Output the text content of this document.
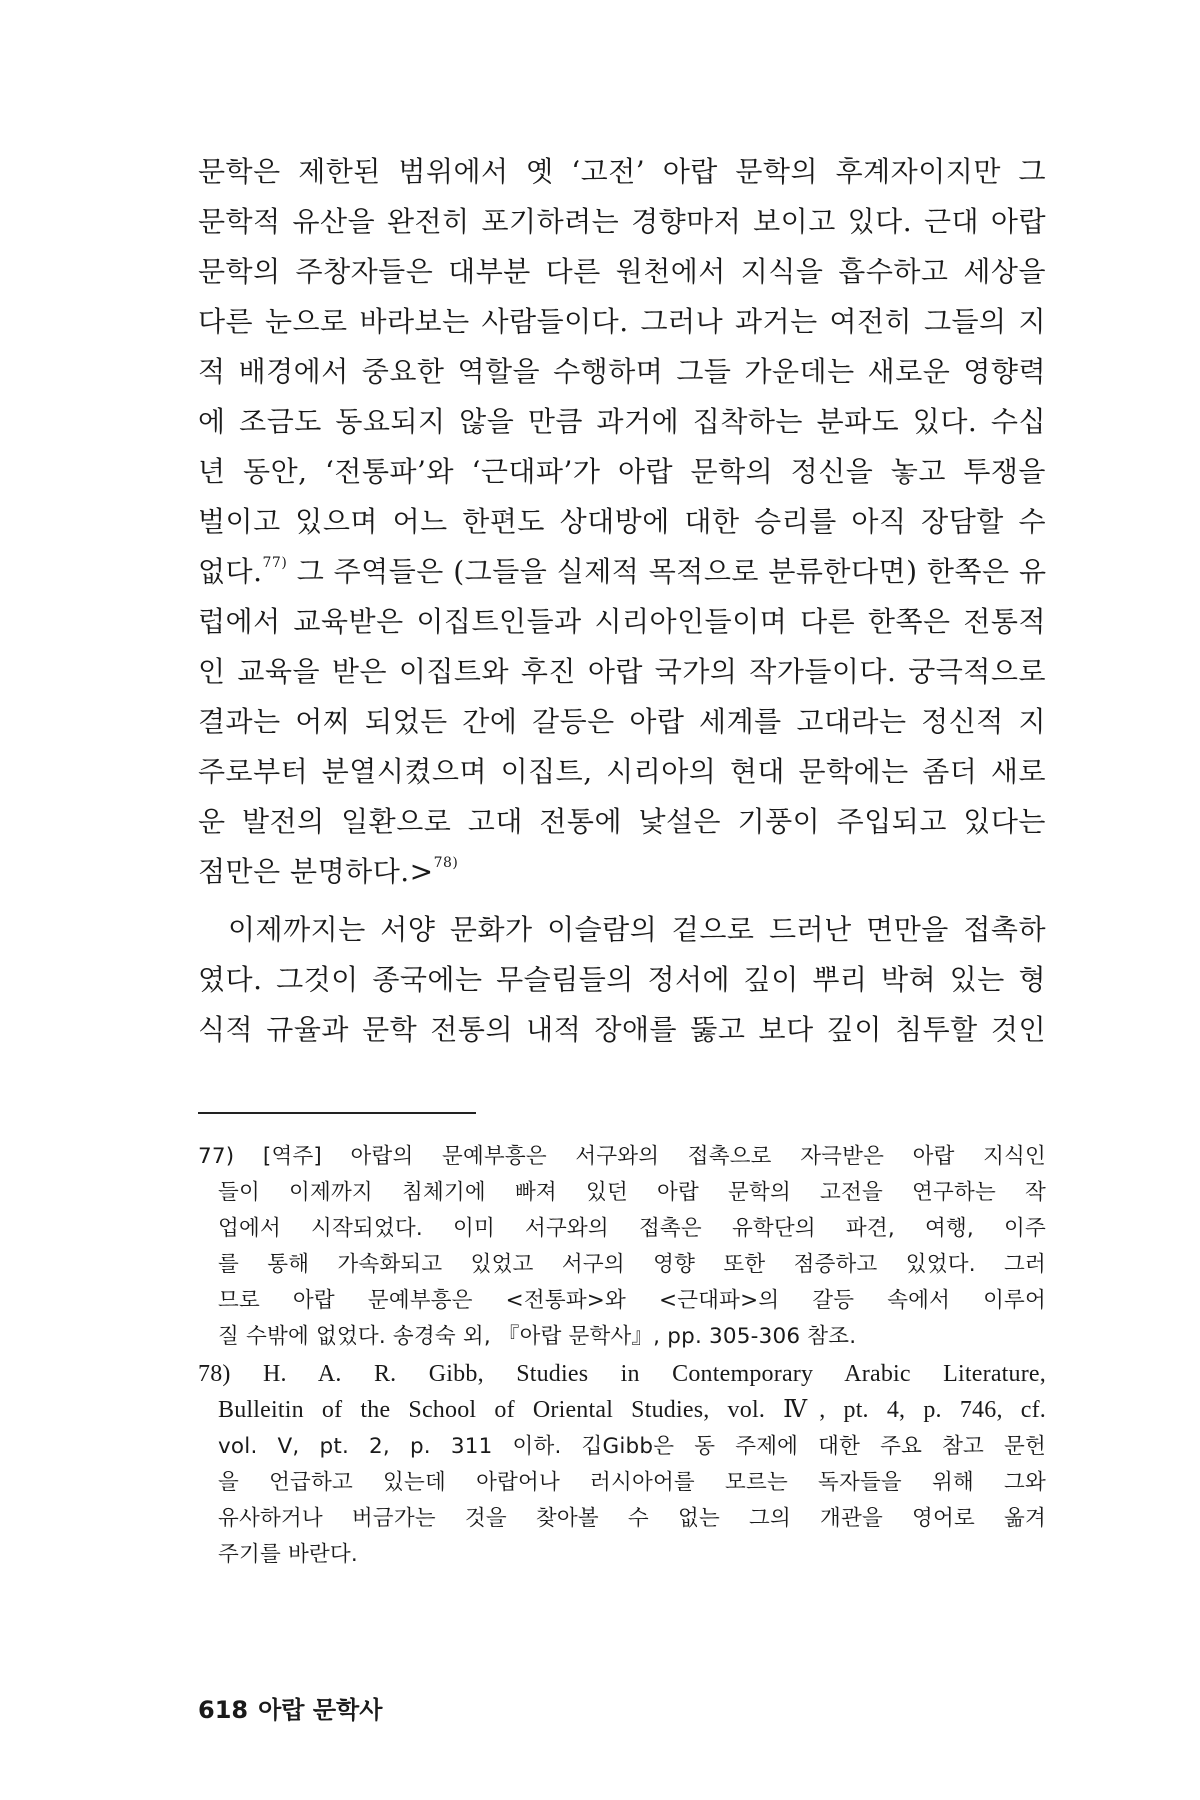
문학은 제한된 범위에서 옛 ‘고전’ 아랍 문학의 후계자이지만 그
문학적 유산을 완전히 포기하려는 경향마저 보이고 있다. 근대 아랍
문학의 주창자들은 대부분 다른 원천에서 지식을 흡수하고 세상을
다른 눈으로 바라보는 사람들이다. 그러나 과거는 여전히 그들의 지
적 배경에서 중요한 역할을 수행하며 그들 가운데는 새로운 영향력
에 조금도 동요되지 않을 만큼 과거에 집착하는 분파도 있다. 수십
년 동안, ‘전통파’와 ‘근대파’가 아랍 문학의 정신을 놓고 투쟁을
벌이고 있으며 어느 한편도 상대방에 대한 승리를 아직 장담할 수
없다.$^{77)}$ 그 주역들은 (그들을 실제적 목적으로 분류한다면) 한쪽은 유
럽에서 교육받은 이집트인들과 시리아인들이며 다른 한쪽은 전통적
인 교육을 받은 이집트와 후진 아랍 국가의 작가들이다. 궁극적으로
결과는 어찌 되었든 간에 갈등은 아랍 세계를 고대라는 정신적 지
주로부터 분열시켰으며 이집트, 시리아의 현대 문학에는 좀더 새로
운 발전의 일환으로 고대 전통에 낯설은 기풍이 주입되고 있다는
점만은 분명하다.>$^{78)}$
이제까지는 서양 문화가 이슬람의 겉으로 드러난 면만을 접촉하
였다. 그것이 종국에는 무슬림들의 정서에 깊이 뿌리 박혀 있는 형
식적 규율과 문학 전통의 내적 장애를 뚫고 보다 깊이 침투할 것인
77) [역주] 아랍의 문예부흥은 서구와의 접촉으로 자극받은 아랍 지식인
들이 이제까지 침체기에 빠져 있던 아랍 문학의 고전을 연구하는 작
업에서 시작되었다. 이미 서구와의 접촉은 유학단의 파견, 여행, 이주
를 통해 가속화되고 있었고 서구의 영향 또한 점증하고 있었다. 그러
므로 아랍 문예부흥은 <전통파>와 <근대파>의 갈등 속에서 이루어
질 수밖에 없었다. 송경숙 외, 『아랍 문학사』, pp. 305-306 참조.
78) H. A. R. Gibb, Studies in Contemporary Arabic Literature,
Bulleitin of the School of Oriental Studies, vol. Ⅳ, pt. 4, p. 746, cf.
vol. V, pt. 2, p. 311 이하. 깁Gibb은 동 주제에 대한 주요 참고 문헌
을 언급하고 있는데 아랍어나 러시아어를 모르는 독자들을 위해 그와
유사하거나 버금가는 것을 찾아볼 수 없는 그의 개관을 영어로 옮겨
주기를 바란다.
618 아랍 문학사
